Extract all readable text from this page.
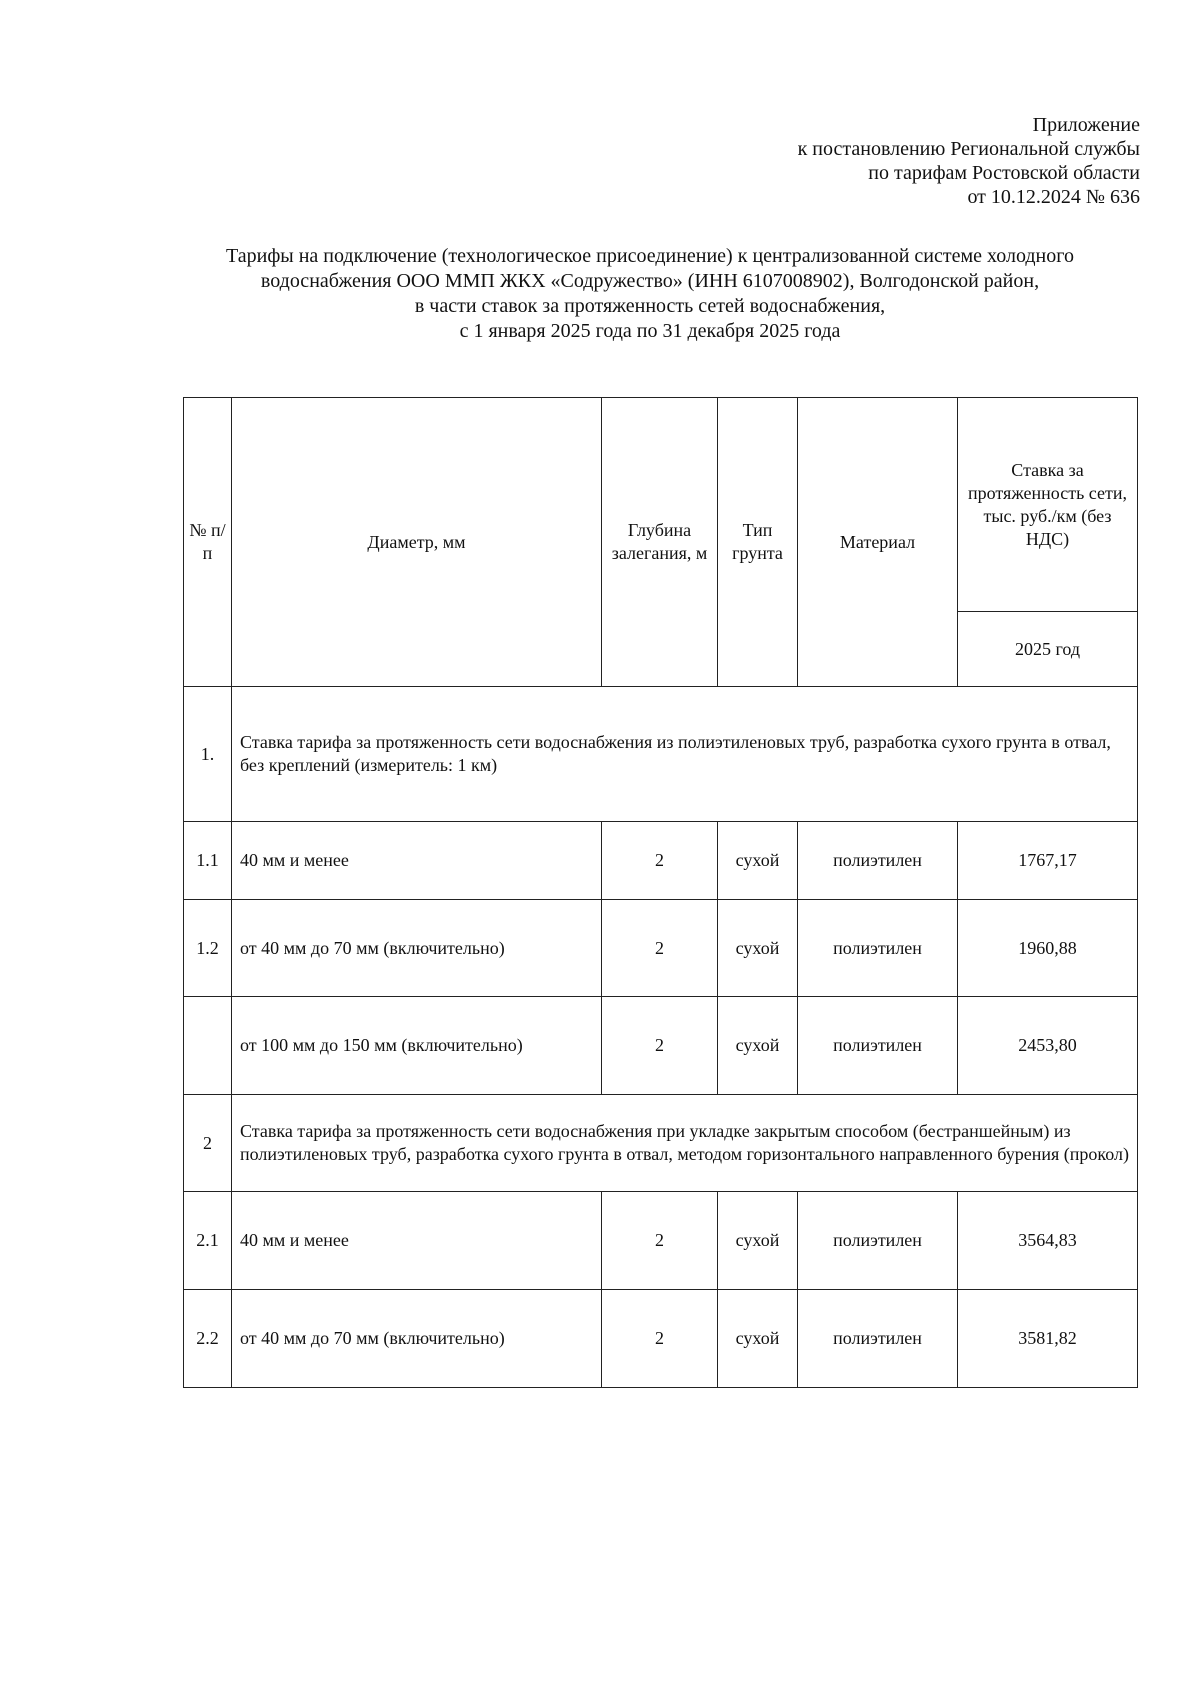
Приложение
к постановлению Региональной службы
по тарифам Ростовской области
от 10.12.2024 № 636
Тарифы на подключение (технологическое присоединение) к централизованной системе холодного
водоснабжения ООО ММП ЖКХ «Содружество» (ИНН 6107008902), Волгодонской район,
в части ставок за протяженность сетей водоснабжения,
с 1 января 2025 года по 31 декабря 2025 года
№ п/ п	Диаметр, мм	Глубина залегания, м	Тип грунта	Материал	Ставка за протяженность сети, тыс. руб./км (без НДС)
					2025 год
1.	Ставка тарифа за протяженность сети водоснабжения из полиэтиленовых труб, разработка сухого грунта в отвал, без креплений (измеритель: 1 км)				
1.1	40 мм и менее	2	сухой	полиэтилен	1767,17
1.2	от 40 мм до 70 мм (включительно)	2	сухой	полиэтилен	1960,88
	от 100 мм до 150 мм (включительно)	2	сухой	полиэтилен	2453,80
2	Ставка тарифа за протяженность сети водоснабжения при укладке закрытым способом (бестраншейным) из полиэтиленовых труб, разработка сухого грунта в отвал, методом горизонтального направленного бурения (прокол)				
2.1	40 мм и менее	2	сухой	полиэтилен	3564,83
2.2	от 40 мм до 70 мм (включительно)	2	сухой	полиэтилен	3581,82
